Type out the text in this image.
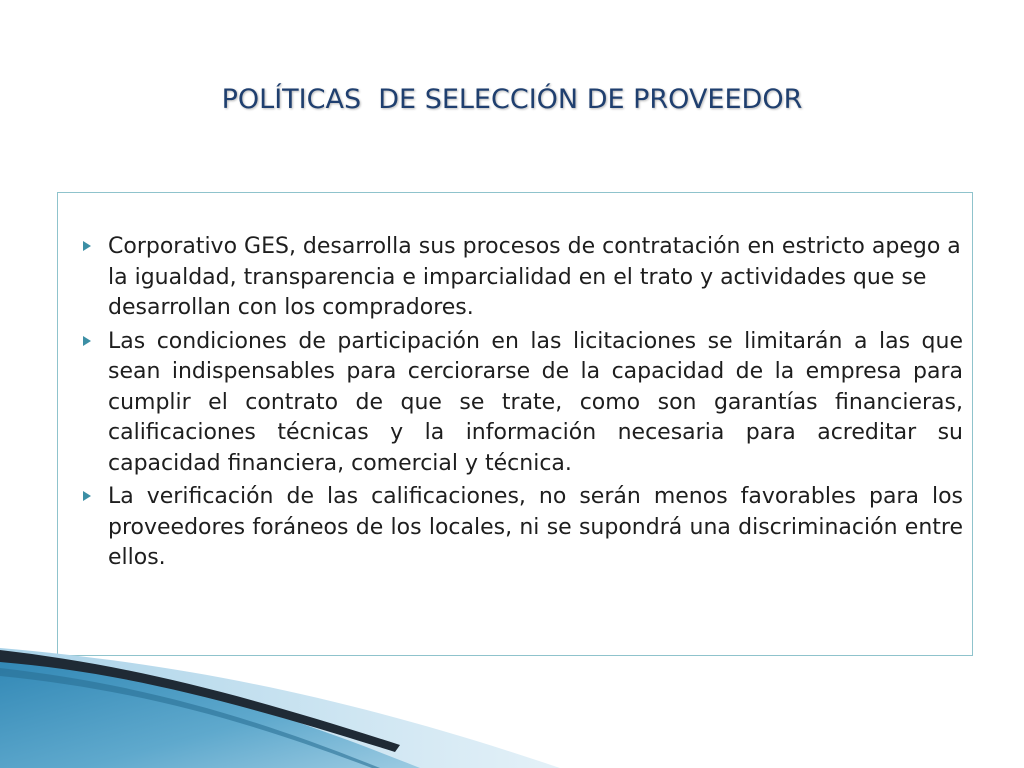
POLÍTICAS  DE SELECCIÓN DE PROVEEDOR
Corporativo GES, desarrolla sus procesos de contratación en estricto apego a la igualdad, transparencia e imparcialidad en el trato y actividades que se desarrollan con los compradores.
Las condiciones de participación en las licitaciones se limitarán a las que sean indispensables para cerciorarse de la capacidad de la empresa para cumplir el contrato de que se trate, como son garantías financieras, calificaciones técnicas y la información necesaria para acreditar su capacidad financiera, comercial y técnica.
La verificación de las calificaciones, no serán menos favorables para los proveedores foráneos de los locales, ni se supondrá una discriminación entre ellos.
